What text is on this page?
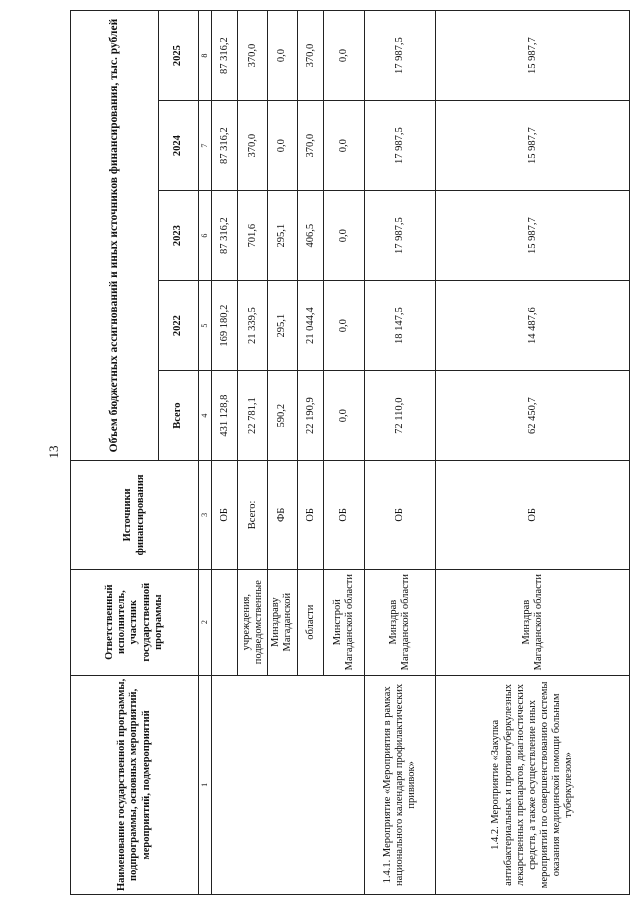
13
Наименование государственной программы, подпрограммы, основных мероприятий, мероприятий, подмероприятий	Ответственный исполнитель, участник государственной программы	Источники финансирования	Объем бюджетных ассигнований и иных источников финансирования, тыс. рублей				
			Всего	2022	2023	2024	2025
1	2	3	4	5	6	7	8
		ОБ	431 128,8	169 180,2	87 316,2	87 316,2	87 316,2
	учреждения, подведомственные	Всего:	22 781,1	21 339,5	701,6	370,0	370,0
	Минздраву Магаданской	ФБ	590,2	295,1	295,1	0,0	0,0
	области	ОБ	22 190,9	21 044,4	406,5	370,0	370,0
	Минстрой Магаданской области	ОБ	0,0	0,0	0,0	0,0	0,0
1.4.1. Мероприятие «Мероприятия в рамках национального календаря профилактических прививок»	Минздрав Магаданской области	ОБ	72 110,0	18 147,5	17 987,5	17 987,5	17 987,5
1.4.2. Мероприятие «Закупка антибактериальных и противотуберкулезных лекарственных препаратов, диагностических средств, а также осуществление иных мероприятий по совершенствованию системы оказания медицинской помощи больным туберкулезом»	Минздрав Магаданской области	ОБ	62 450,7	14 487,6	15 987,7	15 987,7	15 987,7
